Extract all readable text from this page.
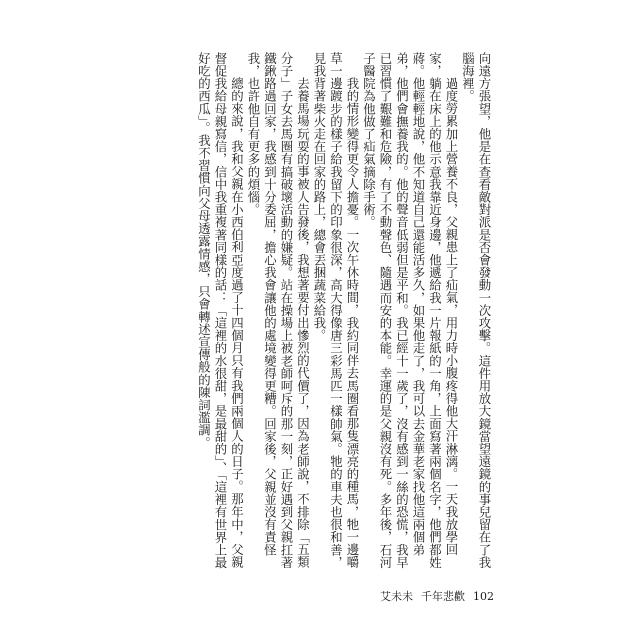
向遠方張望，他是在查看敵對派是否會發動一次攻擊。這件用放大鏡當望遠鏡的事兒留在了我腦海裡。

過度勞累加上營養不良，父親患上了疝氣，用力時小腹疼得他大汗淋漓。一天我放學回家，躺在床上的他示意我靠近身邊，他遞給我一片報紙的一角，上面寫著兩個名字，他們都姓蔣。他輕輕地說，他不知道自己還能活多久，如果他走了，我可以去金華老家找他這兩個弟弟，他們會撫養我的。他的聲音低弱但是平和。我已經十一歲了，沒有感到一絲的恐慌，我早已習慣了艱難和危險，有了不動聲色、隨遇而安的本能。幸運的是父親沒有死。多年後，石河子醫院為他做了疝氣摘除手術。

我的情形變得更令人擔憂。一次午休時間，我約同伴去馬圈看那隻漂亮的種馬，牠一邊嚼草一邊踱步的樣子給我留下的印象很深，高大得像唐三彩馬匹一樣帥氣。牠的車夫也很和善，見我背著柴火走在回家的路上，總會丟捆蔬菜給我。

去養馬場玩耍的事被人告發後，我想著要付出慘烈的代價了，因為老師說，不排除「五類分子」子女去馬圈有搞破壞活動的嫌疑。站在操場上被老師呵斥的那一刻，正好遇到父親扛著鐵鍬路過回家，我感到十分委屈，擔心我會讓他的處境變得更糟。回家後，父親並沒有責怪我，也許他自有更多的煩惱。

總的來說，我和父親在小西伯利亞度過了十四個月只有我們兩個人的日子。那年中，父親督促我給母親寫信，信中我重複著同樣的話：「這裡的水很甜，是最甜的」、「這裡有世界上最好吃的西瓜」。我不習慣向父母透露情感，只會轉述宣傳般的陳詞濫調。

艾未未 千年悲歡 102
